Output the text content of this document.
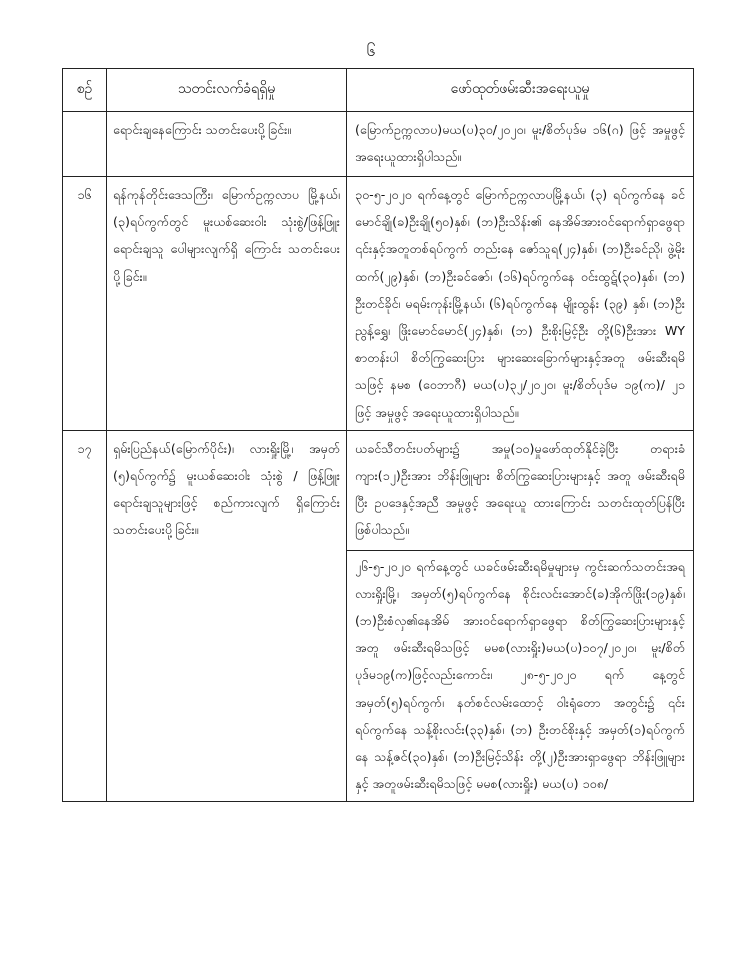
၆
စဉ်	သတင်းလက်ခံရရှိမှု	ဖော်ထုတ်ဖမ်းဆီးအရေးယူမှု
	ရောင်းချနေကြောင်း သတင်းပေးပို့ခြင်း။	(မြောက်ဥက္ကလာပ)မယ(ပ)၃၀/၂၀၂၀၊ မူး/စိတ်ပုဒ်မ ၁၆(ဂ) ဖြင့် အမှုဖွင့် အရေးယူထားရှိပါသည်။
၁၆	ရန်ကုန်တိုင်းဒေသကြီး၊ မြောက်ဥက္ကလာပ မြို့နယ်၊ (၃)ရပ်ကွက်တွင် မူးယစ်ဆေးဝါး သုံးစွဲ/ဖြန့်ဖြူးရောင်းချသူ ပေါများလျက်ရှိ ကြောင်း သတင်းပေးပို့ခြင်း။	၃၀-၅-၂၀၂၀ ရက်နေ့တွင် မြောက်ဥက္ကလာပမြို့နယ်၊ (၃) ရပ်ကွက်နေ ခင်မောင်ချို(ခ)ဦးချို(၅၀)နှစ်၊ (ဘ)ဦးသိန်း၏ နေအိမ်အားဝင်ရောက်ရှာဖွေရာ ၎င်းနှင့်အတူတစ်ရပ်ကွက် တည်းနေ ဇော်သူရ(၂၄)နှစ်၊ (ဘ)ဦးခင်ညို၊ ဖွဲ့မိုးထက်(၂၉)နှစ်၊ (ဘ)ဦးခင်ဇော်၊ (၁၆)ရပ်ကွက်နေ ဝင်းထွဋ်(၃၀)နှစ်၊ (ဘ) ဦးတင်ခိုင်၊ မရမ်းကုန်းမြို့နယ်၊ (၆)ရပ်ကွက်နေ မျိုးထွန်း (၃၉) နှစ်၊ (ဘ)ဦးညွန့်ရွှေ၊ ဖြိုးမောင်မောင်(၂၄)နှစ်၊ (ဘ) ဦးစိုးမြင့်ဦး တို့(၆)ဦးအား WY စာတန်းပါ စိတ်ကြွဆေးပြား များဆေးခြောက်များနှင့်အတူ ဖမ်းဆီးရမိသဖြင့် နမစ (ဝေဘာဂီ) မယ(ပ)၃၂/၂၀၂၀၊ မူး/စိတ်ပုဒ်မ ၁၉(က)/ ၂၁ ဖြင့် အမှုဖွင့် အရေးယူထားရှိပါသည်။
၁၇	ရှမ်းပြည်နယ်(မြောက်ပိုင်း)၊ လားရှိုးမြို့၊ အမှတ် (၅)ရပ်ကွက်၌ မူးယစ်ဆေးဝါး သုံးစွဲ / ဖြန့်ဖြူး ရောင်းချသူများဖြင့် စည်ကားလျက် ရှိကြောင်း သတင်းပေးပို့ခြင်း။	ယခင်သီတင်းပတ်များ၌ အမှု(၁၀)မှုဖော်ထုတ်နိုင်ခဲ့ပြီး တရားခံ ကျား(၁၂)ဦးအား ဘိန်းဖြူများ စိတ်ကြွဆေးပြားများနှင့် အတူ ဖမ်းဆီးရမိပြီး ဥပဒေနှင့်အညီ အမှုဖွင့် အရေးယူ ထားကြောင်း သတင်းထုတ်ပြန်ပြီးဖြစ်ပါသည်။
၂၆-၅-၂၀၂၀ ရက်နေ့တွင် ယခင်ဖမ်းဆီးရမိမှုများမှ ကွင်းဆက်သတင်းအရ လားရှိုးမြို့၊ အမှတ်(၅)ရပ်ကွက်နေ စိုင်းလင်းအောင်(ခ)အိုက်ဖြိုး(၁၉)နှစ်၊ (ဘ)ဦးစံလှ၏နေအိမ် အားဝင်ရောက်ရှာဖွေရာ စိတ်ကြွဆေးပြားများနှင့်အတူ ဖမ်းဆီးရမိသဖြင့် မမစ(လားရှိုး)မယ(ပ)၁၀၇/၂၀၂၀၊ မူး/စိတ် ပုဒ်မ၁၉(က)ဖြင့်လည်းကောင်း၊ ၂၈-၅-၂၀၂၀ ရက် နေ့တွင် အမှတ်(၅)ရပ်ကွက်၊ နတ်စင်လမ်းထောင့် ဝါးရုံတော အတွင်း၌ ၎င်းရပ်ကွက်နေ သန့်စိုးလင်း(၃၃)နှစ်၊ (ဘ) ဦးတင်စိုးနှင့် အမှတ်(၁)ရပ်ကွက်နေ သန့်ဇင်(၃၀)နှစ်၊ (ဘ)ဦးမြင့်သိန်း တို့(၂)ဦးအားရှာဖွေရာ ဘိန်းဖြူများနှင့် အတူဖမ်းဆီးရမိသဖြင့် မမစ(လားရှိုး) မယ(ပ) ၁၀၈/
